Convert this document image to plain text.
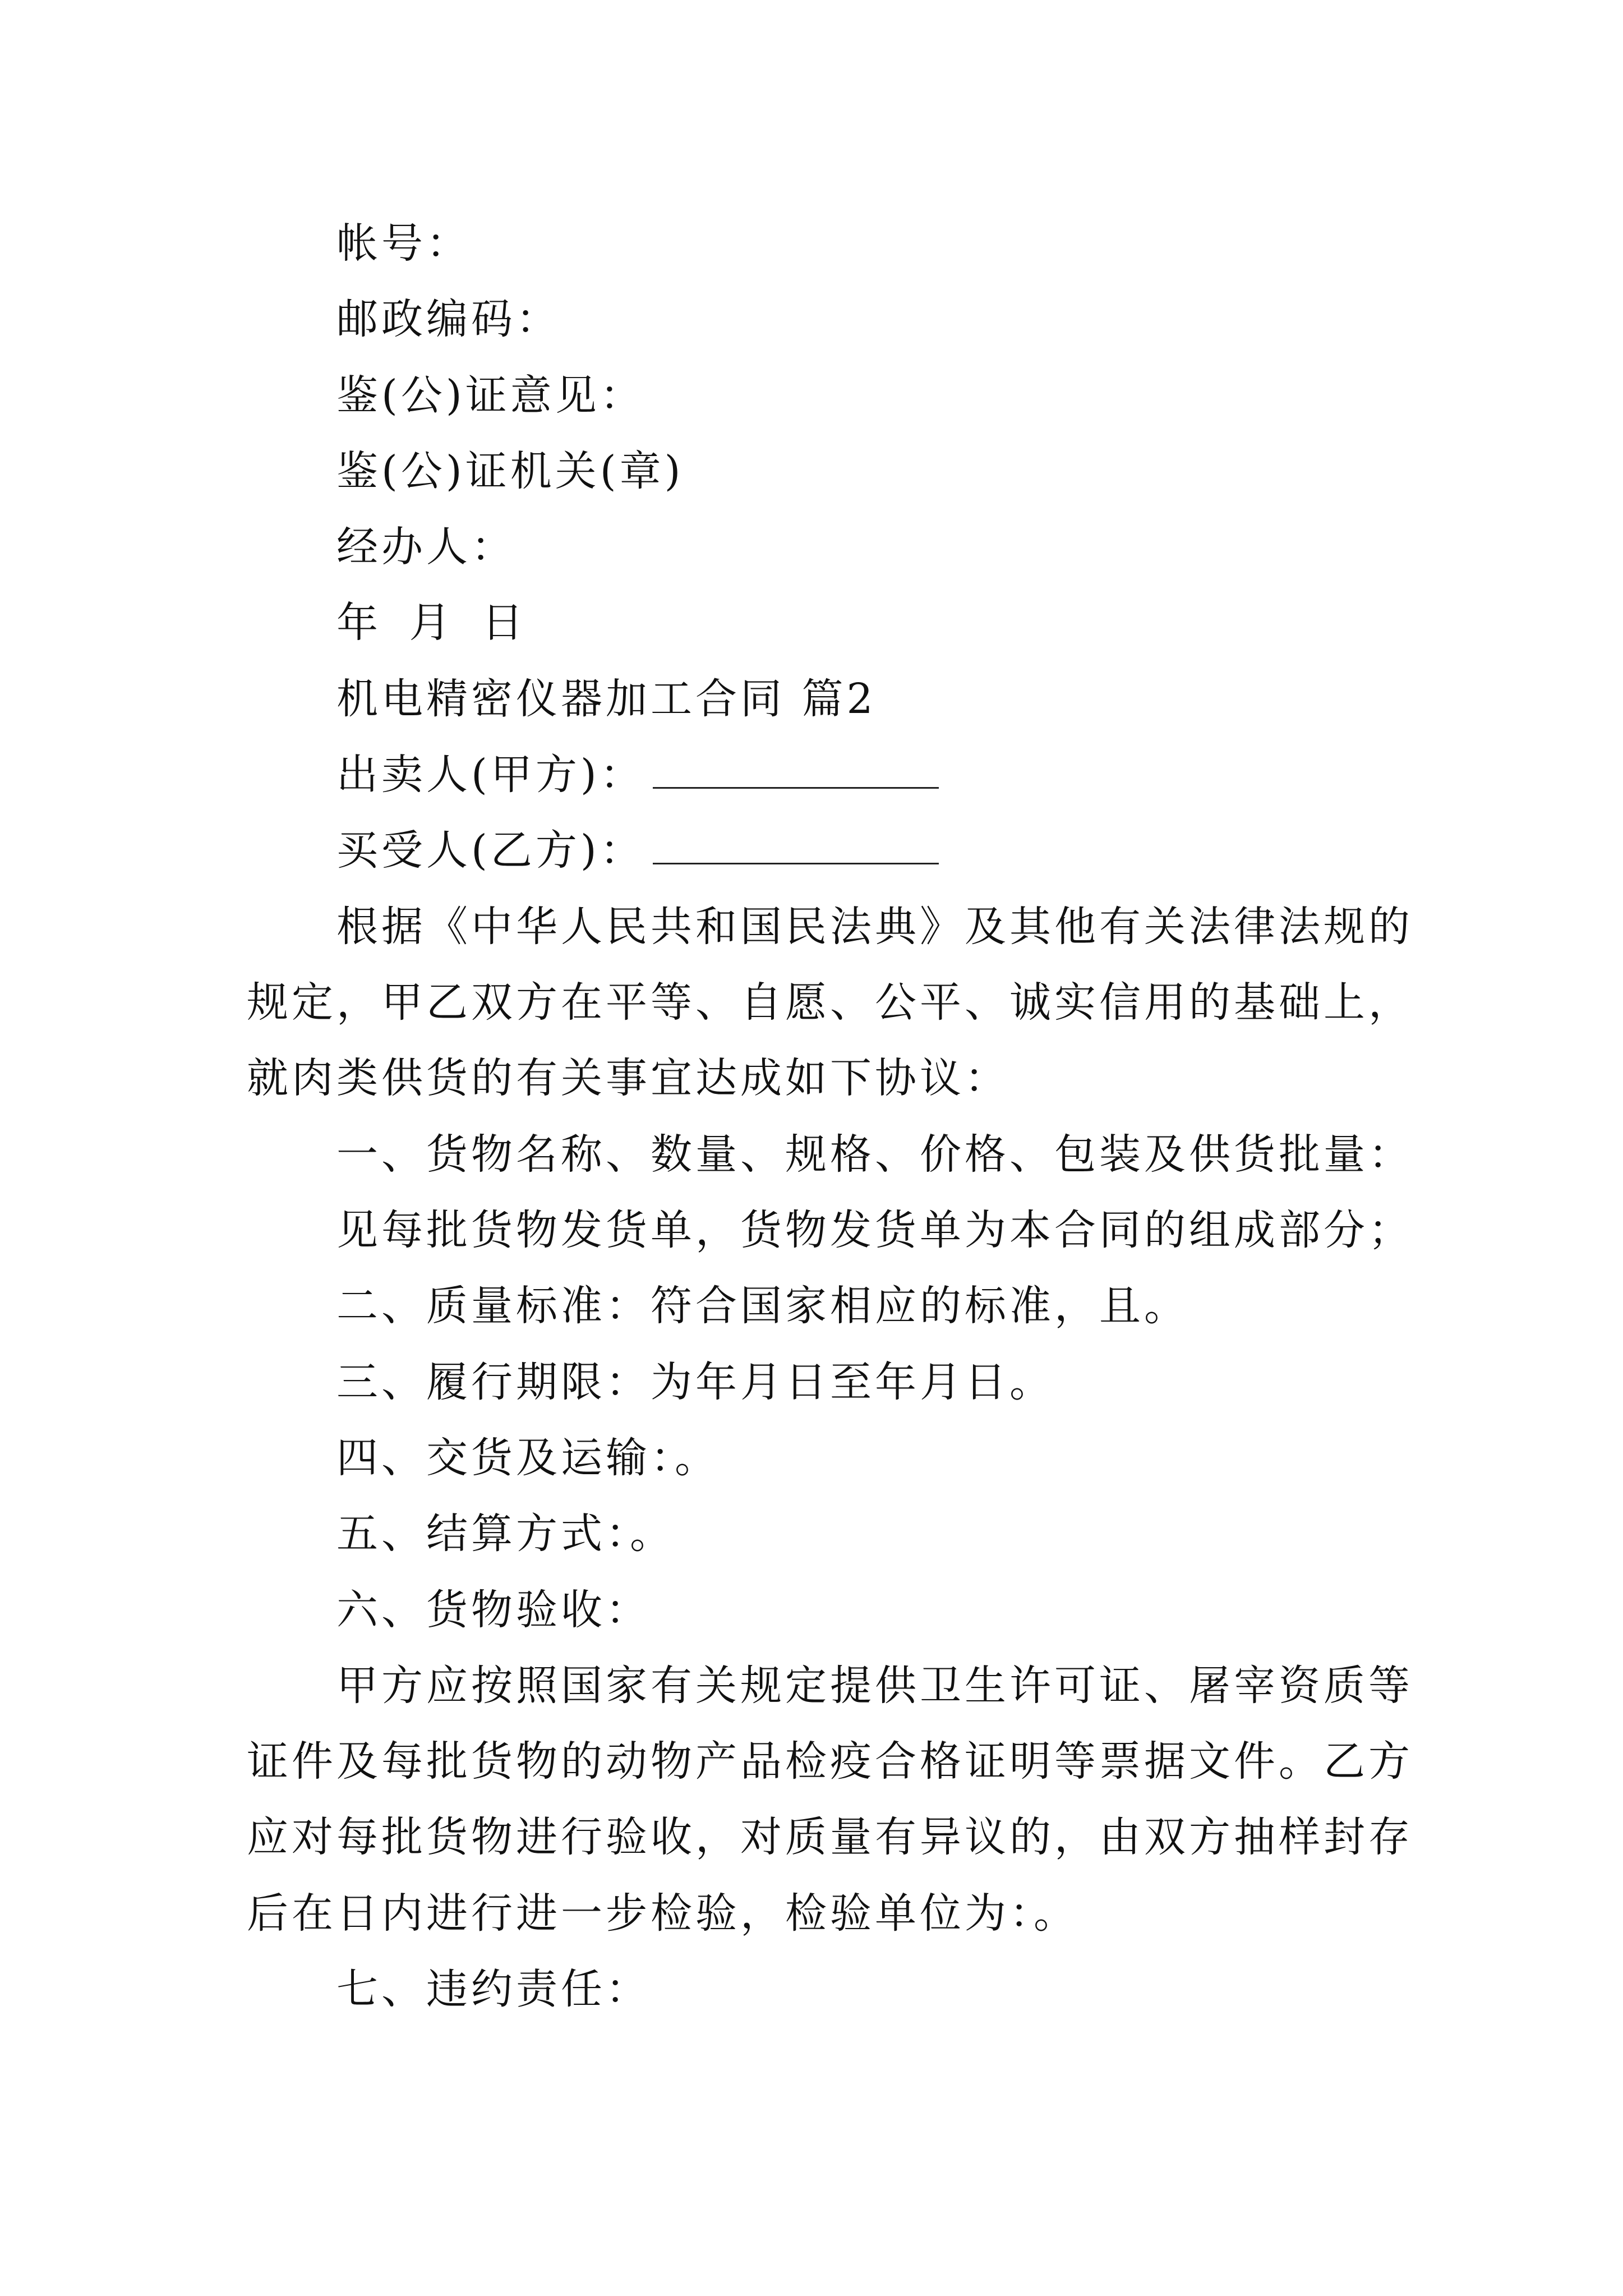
帐号：
邮政编码：
鉴(公)证意见：
鉴(公)证机关(章)
经办人：
年 月 日
机电精密仪器加工合同 篇2
出卖人(甲方)：
买受人(乙方)：
根据《中华人民共和国民法典》及其他有关法律法规的
规定，甲乙双方在平等、自愿、公平、诚实信用的基础上，
就肉类供货的有关事宜达成如下协议：
一、货物名称、数量、规格、价格、包装及供货批量：
见每批货物发货单，货物发货单为本合同的组成部分；
二、质量标准：符合国家相应的标准，且。
三、履行期限：为年月日至年月日。
四、交货及运输：。
五、结算方式：。
六、货物验收：
甲方应按照国家有关规定提供卫生许可证、屠宰资质等
证件及每批货物的动物产品检疫合格证明等票据文件。乙方
应对每批货物进行验收，对质量有异议的，由双方抽样封存
后在日内进行进一步检验，检验单位为：。
七、违约责任：
